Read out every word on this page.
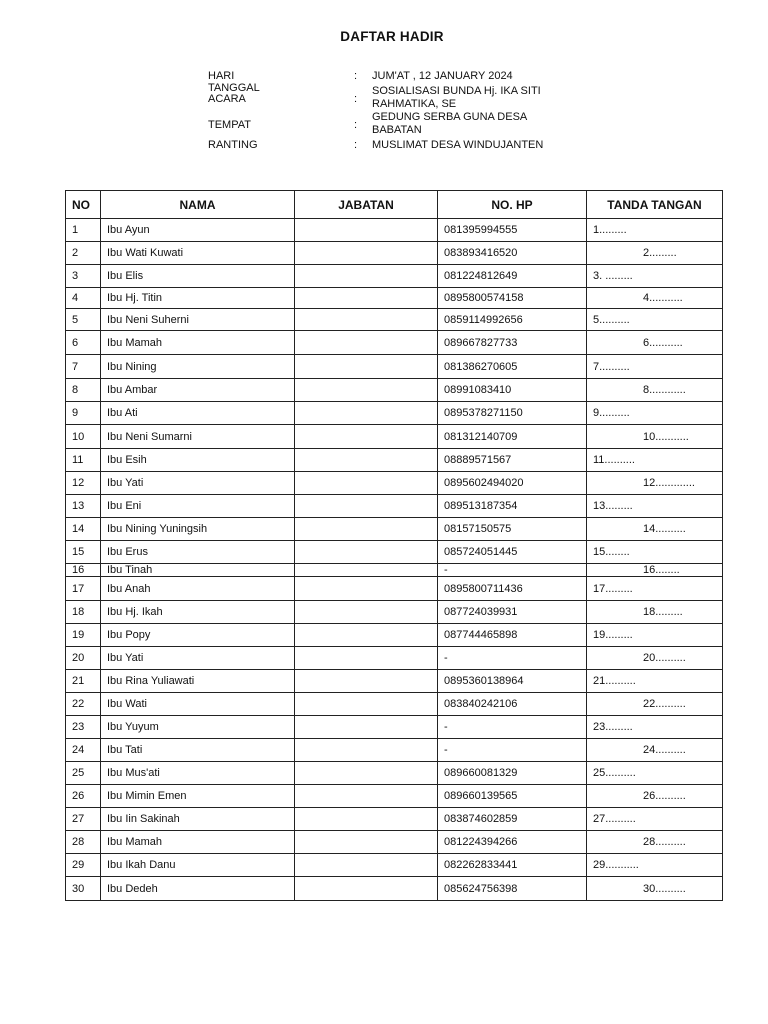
DAFTAR HADIR
HARI TANGGAL
: JUM'AT , 12 JANUARY 2024
ACARA	:
SOSIALISASI BUNDA Hj. IKA SITI RAHMATIKA, SE
TEMPAT	:
GEDUNG SERBA GUNA DESA BABATAN
RANTING	: MUSLIMAT DESA WINDUJANTEN
NO	NAMA	JABATAN	NO. HP	TANDA TANGAN
1	Ibu Ayun		081395994555	1.........
2	Ibu Wati Kuwati		083893416520	2.........
3	Ibu Elis		081224812649	3. .........
4	Ibu Hj. Titin		0895800574158	4...........
5	Ibu Neni Suherni		0859114992656	5..........
6	Ibu Mamah		089667827733	6...........
7	Ibu Nining		081386270605	7..........
8	Ibu Ambar		08991083410	8............
9	Ibu Ati		0895378271150	9..........
10	Ibu Neni Sumarni		081312140709	10...........
11	Ibu Esih		08889571567	11..........
12	Ibu Yati		0895602494020	12.............
13	Ibu Eni		089513187354	13.........
14	Ibu Nining Yuningsih		08157150575	14..........
15	Ibu Erus		085724051445	15........
16	Ibu Tinah		-	16........
17	Ibu Anah		0895800711436	17.........
18	Ibu Hj. Ikah		087724039931	18.........
19	Ibu Popy		087744465898	19.........
20	Ibu Yati		-	20..........
21	Ibu Rina Yuliawati		0895360138964	21..........
22	Ibu Wati		083840242106	22..........
23	Ibu Yuyum		-	23.........
24	Ibu Tati		-	24..........
25	Ibu Mus'ati		089660081329	25..........
26	Ibu Mimin Emen		089660139565	26..........
27	Ibu Iin Sakinah		083874602859	27..........
28	Ibu Mamah		081224394266	28..........
29	Ibu Ikah Danu		082262833441	29...........
30	Ibu Dedeh		085624756398	30..........
